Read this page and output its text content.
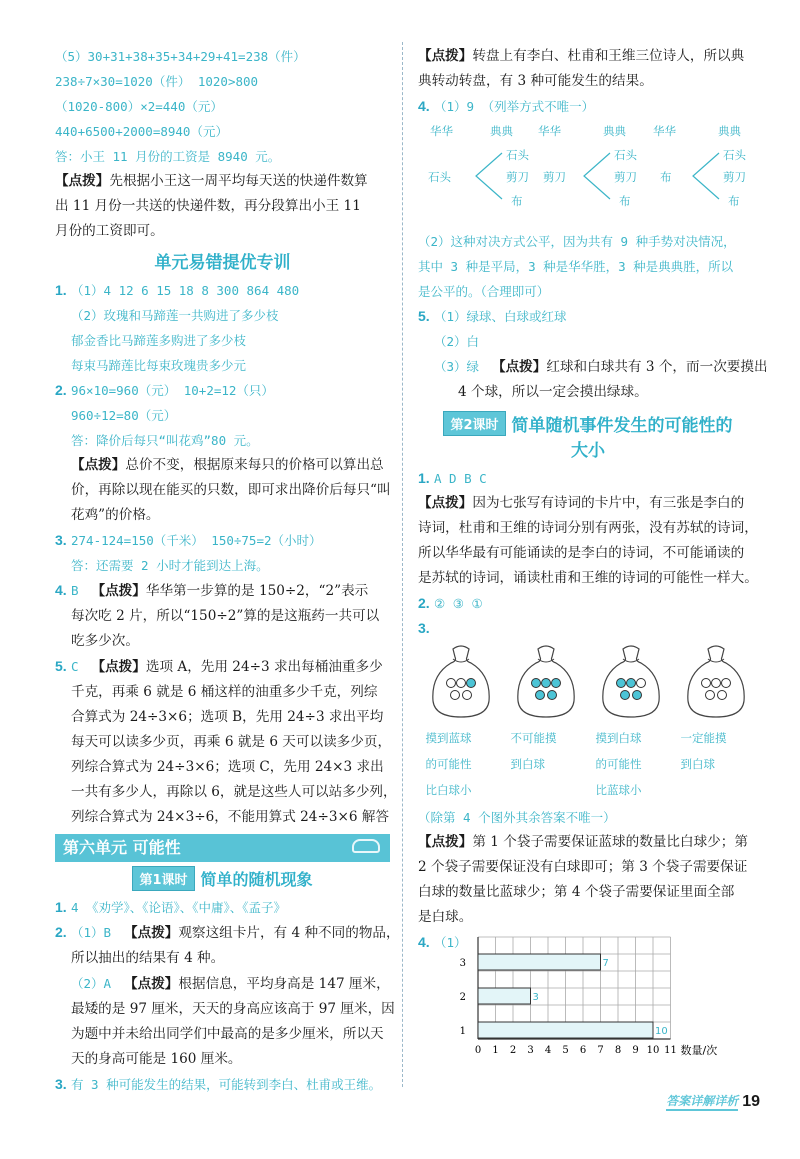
（5）30+31+38+35+34+29+41=238（件）
238÷7×30=1020（件） 1020>800
（1020-800）×2=440（元）
440+6500+2000=8940（元）
答：小王 11 月份的工资是 8940 元。
【点拨】先根据小王这一周平均每天送的快递件数算
出 11 月份一共送的快递件数，再分段算出小王 11
月份的工资即可。
单元易错提优专训
1. （1）4 12 6 15 18 8 300 864 480
（2）玫瑰和马蹄莲一共购进了多少枝
郁金香比马蹄莲多购进了多少枝
每束马蹄莲比每束玫瑰贵多少元
2. 96×10=960（元） 10+2=12（只）
960÷12=80（元）
答：降价后每只“叫花鸡”80 元。
【点拨】总价不变，根据原来每只的价格可以算出总
价，再除以现在能买的只数，即可求出降价后每只“叫
花鸡”的价格。
3. 274-124=150（千米） 150÷75=2（小时）
答：还需要 2 小时才能到达上海。
4. B 【点拨】华华第一步算的是 150÷2，“2”表示
每次吃 2 片，所以“150÷2”算的是这瓶药一共可以
吃多少次。
5. C 【点拨】选项 A，先用 24÷3 求出每桶油重多少
千克，再乘 6 就是 6 桶这样的油重多少千克，列综
合算式为 24÷3×6；选项 B，先用 24÷3 求出平均
每天可以读多少页，再乘 6 就是 6 天可以读多少页，
列综合算式为 24÷3×6；选项 C，先用 24×3 求出
一共有多少人，再除以 6，就是这些人可以站多少列，
列综合算式为 24×3÷6，不能用算式 24÷3×6 解答
第六单元 可能性
第1课时 简单的随机现象
1. 4 《劝学》、《论语》、《中庸》、《孟子》
2. （1）B 【点拨】观察这组卡片，有 4 种不同的物品，
所以抽出的结果有 4 种。
（2）A 【点拨】根据信息，平均身高是 147 厘米，
最矮的是 97 厘米，天天的身高应该高于 97 厘米，因
为题中并未给出同学们中最高的是多少厘米，所以天
天的身高可能是 160 厘米。
3. 有 3 种可能发生的结果，可能转到李白、杜甫或王维。
【点拨】转盘上有李白、杜甫和王维三位诗人，所以典
典转动转盘，有 3 种可能发生的结果。
4. （1）9 （列举方式不唯一）
华华	典典 华华	典典 华华	典典
石头	剪刀	布
石头
剪刀
布
石头
剪刀
布
石头
剪刀
布
（2）这种对决方式公平，因为共有 9 种手势对决情况，
其中 3 种是平局，3 种是华华胜，3 种是典典胜，所以
是公平的。（合理即可）
5. （1）绿球、白球或红球
（2）白
（3）绿 【点拨】红球和白球共有 3 个，而一次要摸出
4 个球，所以一定会摸出绿球。
第2课时 简单随机事件发生的可能性的
大小
1. A D B C
【点拨】因为七张写有诗词的卡片中，有三张是李白的
诗词，杜甫和王维的诗词分别有两张，没有苏轼的诗词，
所以华华最有可能诵读的是李白的诗词，不可能诵读的
是苏轼的诗词，诵读杜甫和王维的诗词的可能性一样大。
2. ② ③ ①
3.
摸到蓝球
的可能性
比白球小
不可能摸
到白球
摸到白球
的可能性
比蓝球小
一定能摸
到白球
（除第 4 个图外其余答案不唯一）
【点拨】第 1 个袋子需要保证蓝球的数量比白球少；第
2 个袋子需要保证没有白球即可；第 3 个袋子需要保证
白球的数量比蓝球少；第 4 个袋子需要保证里面全部
是白球。
4. （1）
3	7
2	3
1	10
0 1 2 3 4 5 6 7 8 9 10 11 数量/次
答案详解详析 19
